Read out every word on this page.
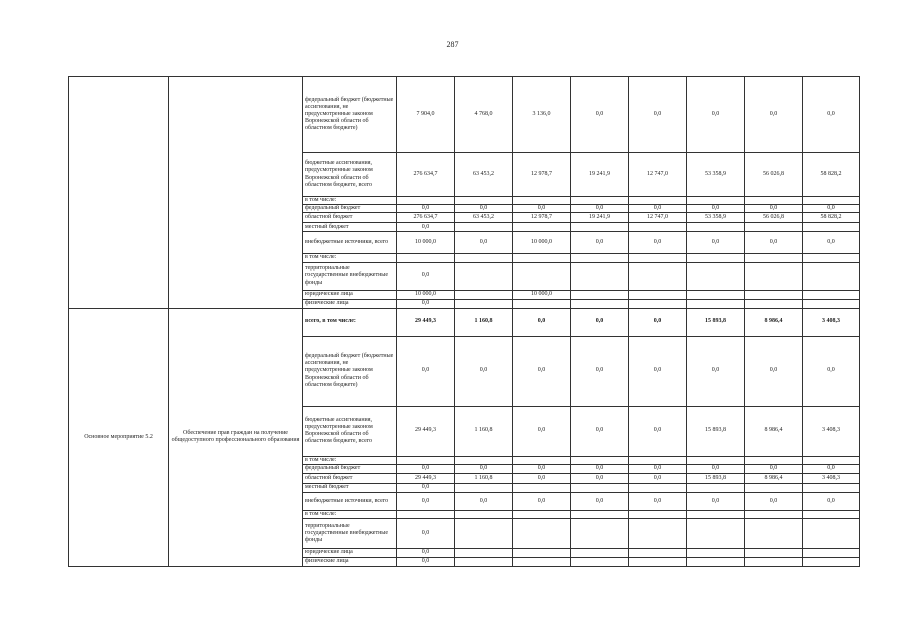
287
		федеральный бюджет (бюджетные ассигнования, не предусмотренные законом Воронежской области об областном бюджете)	7 904,0	4 768,0	3 136,0	0,0	0,0	0,0	0,0	0,0
		бюджетные ассигнования, предусмотренные законом Воронежской области об областном бюджете, всего	276 634,7	63 453,2	12 978,7	19 241,9	12 747,0	53 358,9	56 026,8	58 828,2
		в том числе:								
		федеральный бюджет	0,0	0,0	0,0	0,0	0,0	0,0	0,0	0,0
		областной бюджет	276 634,7	63 453,2	12 978,7	19 241,9	12 747,0	53 358,9	56 026,8	58 828,2
		местный бюджет	0,0							
		внебюджетные источники, всего	10 000,0	0,0	10 000,0	0,0	0,0	0,0	0,0	0,0
		в том числе:								
		территориальные государственные внебюджетные фонды	0,0							
		юридические лица	10 000,0		10 000,0					
		физические лица	0,0							
Основное мероприятие 5.2	Обеспечение прав граждан на получение общедоступного профессионального образования	всего, в том числе:	29 449,3	1 160,8	0,0	0,0	0,0	15 893,8	8 986,4	3 408,3
		федеральный бюджет (бюджетные ассигнования, не предусмотренные законом Воронежской области об областном бюджете)	0,0	0,0	0,0	0,0	0,0	0,0	0,0	0,0
		бюджетные ассигнования, предусмотренные законом Воронежской области об областном бюджете, всего	29 449,3	1 160,8	0,0	0,0	0,0	15 893,8	8 986,4	3 408,3
		в том числе:								
		федеральный бюджет	0,0	0,0	0,0	0,0	0,0	0,0	0,0	0,0
		областной бюджет	29 449,3	1 160,8	0,0	0,0	0,0	15 893,8	8 986,4	3 408,3
		местный бюджет	0,0							
		внебюджетные источники, всего	0,0	0,0	0,0	0,0	0,0	0,0	0,0	0,0
		в том числе:								
		территориальные государственные внебюджетные фонды	0,0							
		юридические лица	0,0							
		физические лица	0,0							
